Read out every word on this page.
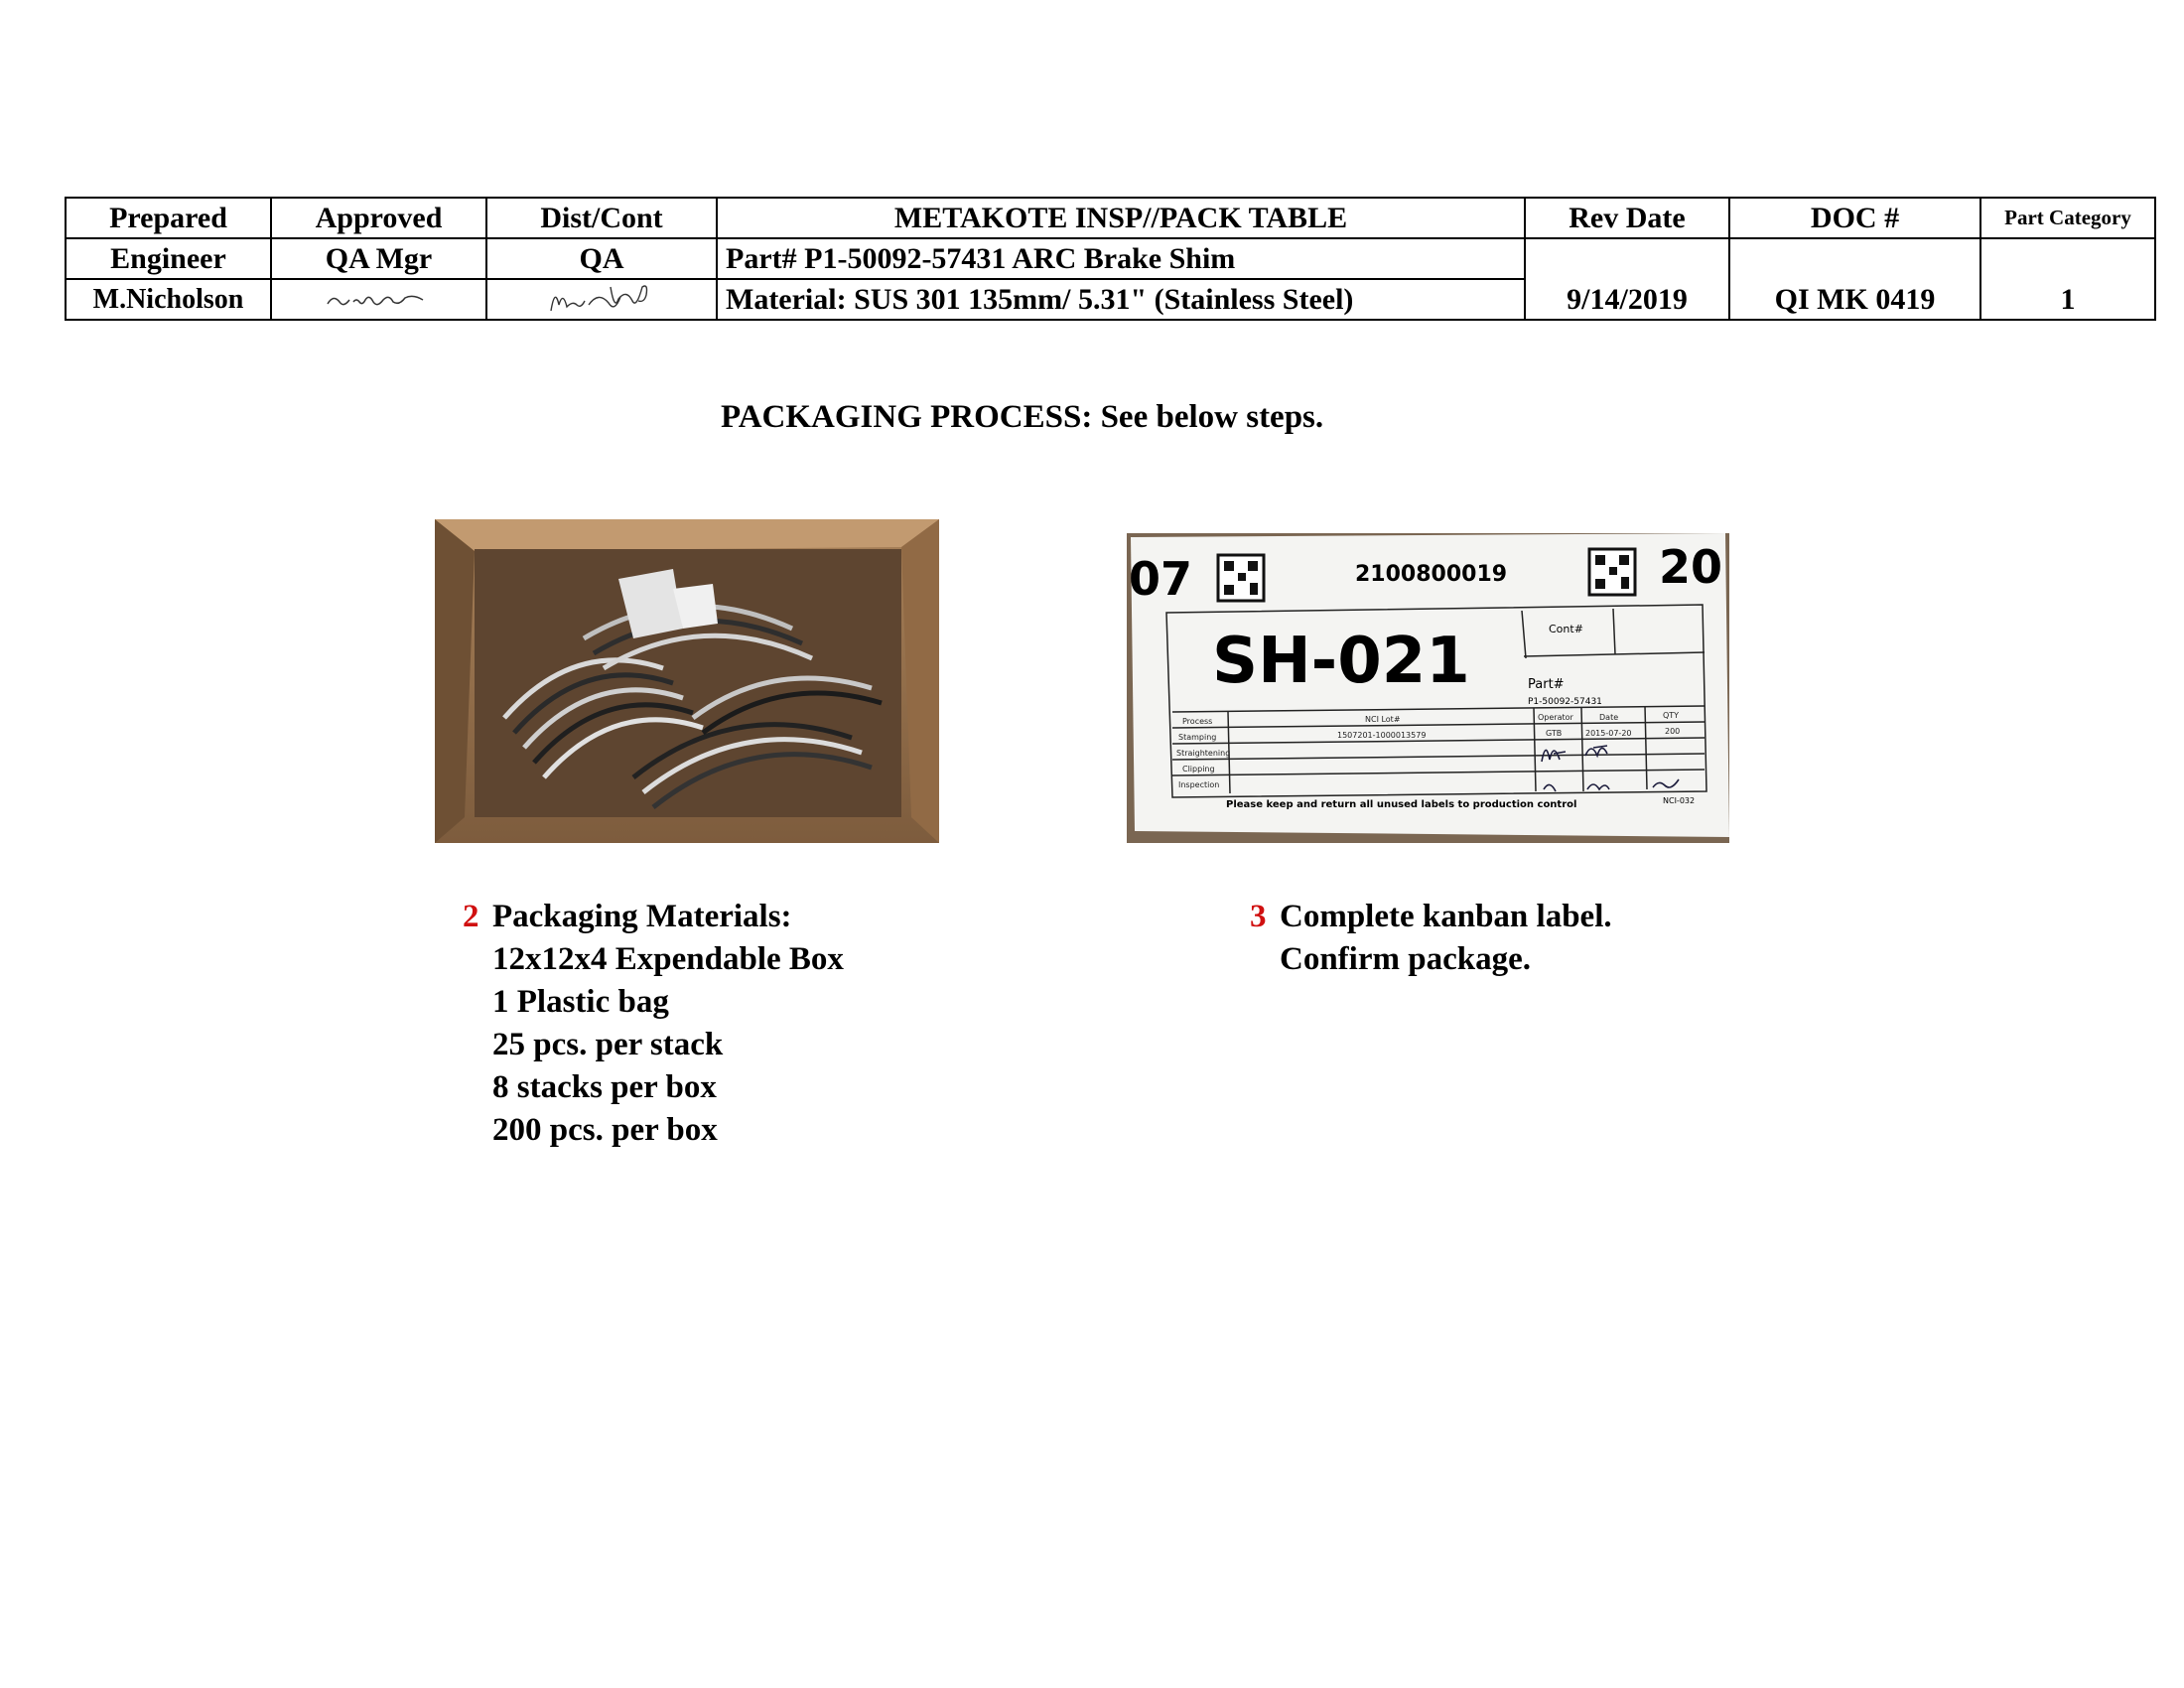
Prepared	Approved	Dist/Cont	METAKOTE INSP//PACK TABLE	Rev Date	DOC #	Part Category
Engineer	QA Mgr	QA	Part# P1-50092-57431 ARC Brake Shim	9/14/2019	QI MK 0419	1
M.Nicholson			Material: SUS 301 135mm/ 5.31" (Stainless Steel)			
PACKAGING PROCESS: See below steps.
07	2100800019	20
SH-021	Cont#
Part#
P1-50092-57431
Process	NCI Lot#	Operator	Date	QTY
Stamping	1507201-1000013579	GTB	2015-07-20	200
Straightening
Clipping
Inspection
Please keep and return all unused labels to production control	NCI-032
2 Packaging Materials:
12x12x4 Expendable Box
1 Plastic bag
25 pcs. per stack
8 stacks per box
200 pcs. per box
3 Complete kanban label.
Confirm package.
